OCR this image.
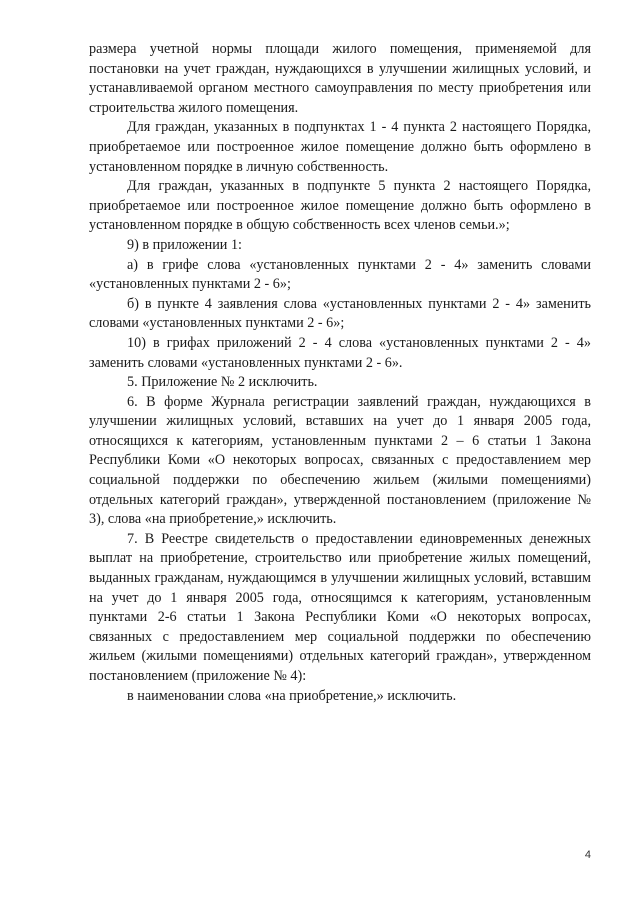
размера учетной нормы площади жилого помещения, применяемой для постановки на учет граждан, нуждающихся в улучшении жилищных условий, и устанавливаемой органом местного самоуправления по месту приобретения или строительства жилого помещения.

Для граждан, указанных в подпунктах 1 - 4 пункта 2 настоящего Порядка, приобретаемое или построенное жилое помещение должно быть оформлено в установленном порядке в личную собственность.

Для граждан, указанных в подпункте 5 пункта 2 настоящего Порядка, приобретаемое или построенное жилое помещение должно быть оформлено в установленном порядке в общую собственность всех членов семьи.»;

9) в приложении 1:

а) в грифе слова «установленных пунктами 2 - 4» заменить словами «установленных пунктами 2 - 6»;

б) в пункте 4 заявления слова «установленных пунктами 2 - 4» заменить словами «установленных пунктами 2 - 6»;

10) в грифах приложений 2 - 4 слова «установленных пунктами 2 - 4» заменить словами «установленных пунктами 2 - 6».

5. Приложение № 2 исключить.

6. В форме Журнала регистрации заявлений граждан, нуждающихся в улучшении жилищных условий, вставших на учет до 1 января 2005 года, относящихся к категориям, установленным пунктами 2 – 6 статьи 1 Закона Республики Коми «О некоторых вопросах, связанных с предоставлением мер социальной поддержки по обеспечению жильем (жилыми помещениями) отдельных категорий граждан», утвержденной постановлением (приложение № 3), слова «на приобретение,» исключить.

7. В Реестре свидетельств о предоставлении единовременных денежных выплат на приобретение, строительство или приобретение жилых помещений, выданных гражданам, нуждающимся в улучшении жилищных условий, вставшим на учет до 1 января 2005 года, относящимся к категориям, установленным пунктами 2-6 статьи 1 Закона Республики Коми «О некоторых вопросах, связанных с предоставлением мер социальной поддержки по обеспечению жильем (жилыми помещениями) отдельных категорий граждан», утвержденном постановлением (приложение № 4):

в наименовании слова «на приобретение,» исключить.

4
